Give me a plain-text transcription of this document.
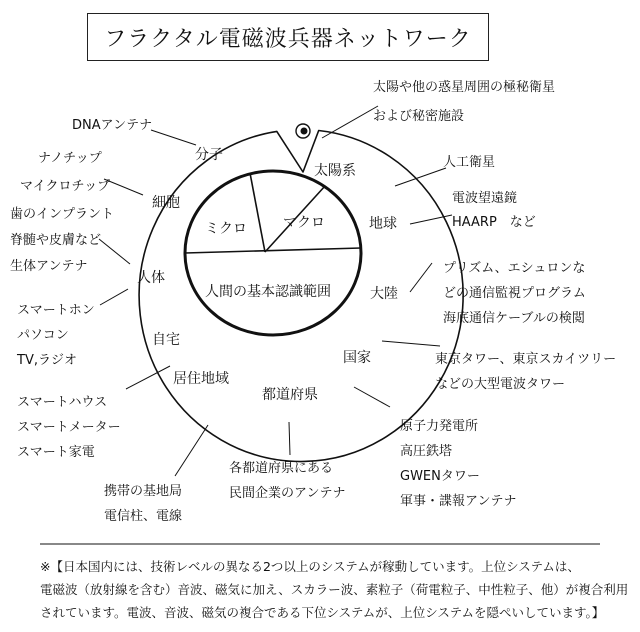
フラクタル電磁波兵器ネットワーク
ミクロ	マクロ
人間の基本認識範囲
分子
細胞
人体
自宅
居住地域
都道府県
国家
大陸
地球
太陽系
太陽や他の惑星周囲の極秘衛星
および秘密施設
人工衛星
電波望遠鏡
HAARP　など
プリズム、エシュロンな
どの通信監視プログラム
海底通信ケーブルの検閲
東京タワー、東京スカイツリー
などの大型電波タワー
原子力発電所
高圧鉄塔
GWENタワー
軍事・諜報アンテナ
各都道府県にある
民間企業のアンテナ
携帯の基地局
電信柱、電線
スマートハウス
スマートメーター
スマート家電
スマートホン
パソコン
TV,ラジオ
歯のインプラント
脊髄や皮膚など
生体アンテナ
DNAアンテナ
ナノチップ
マイクロチップ
※【日本国内には、技術レベルの異なる2つ以上のシステムが稼動しています。上位システムは、
電磁波（放射線を含む）音波、磁気に加え、スカラー波、素粒子（荷電粒子、中性粒子、他）が複合利用
されています。電波、音波、磁気の複合である下位システムが、上位システムを隠ぺいしています。】
